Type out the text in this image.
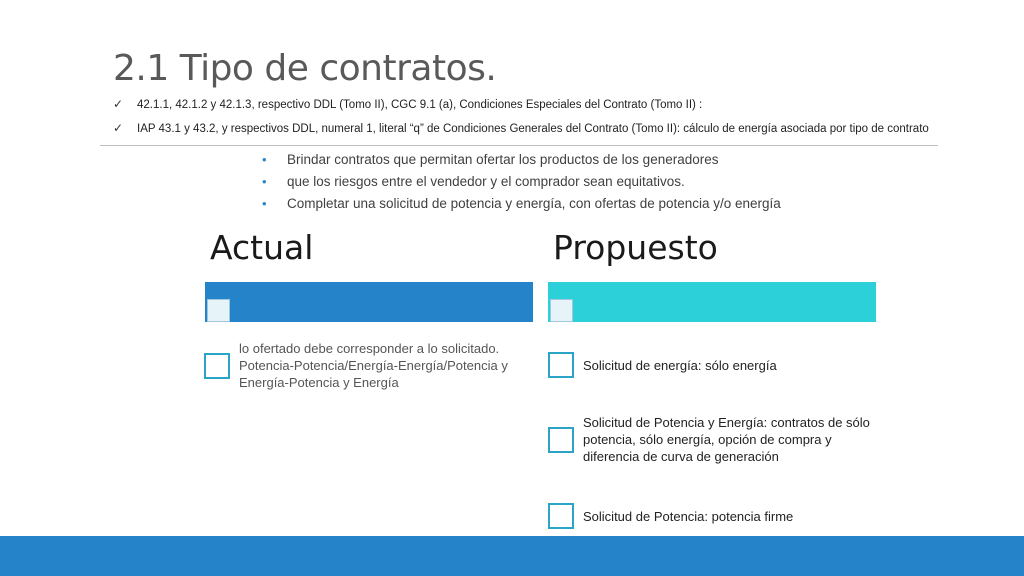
2.1 Tipo de contratos.
✓ 42.1.1, 42.1.2 y 42.1.3, respectivo DDL (Tomo II), CGC 9.1 (a), Condiciones Especiales del Contrato (Tomo II) :
✓ IAP 43.1 y 43.2, y respectivos DDL, numeral 1, literal “q” de Condiciones Generales del Contrato (Tomo II): cálculo de energía asociada por tipo de contrato
• Brindar contratos que permitan ofertar los productos de los generadores
• que los riesgos entre el vendedor y el comprador sean equitativos.
• Completar una solicitud de potencia y energía, con ofertas de potencia y/o energía
Actual	Propuesto
lo ofertado debe corresponder a lo solicitado. Potencia-Potencia/Energía-Energía/Potencia y Energía-Potencia y Energía
Solicitud de energía: sólo energía
Solicitud de Potencia y Energía: contratos de sólo potencia, sólo energía, opción de compra y diferencia de curva de generación
Solicitud de Potencia: potencia firme
